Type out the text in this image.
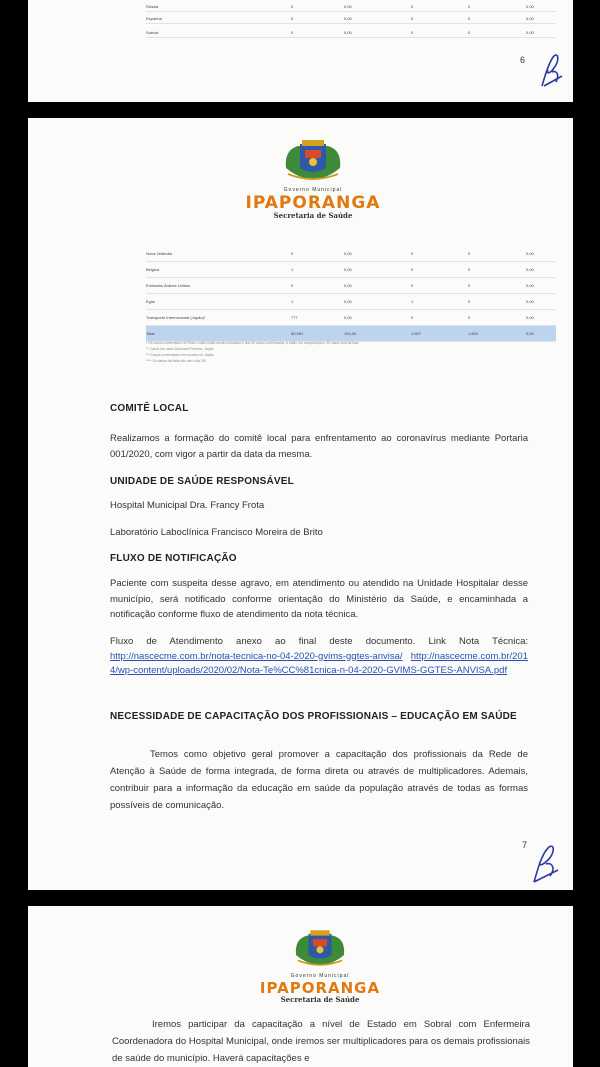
Rússia	0	0,00	0	0	0,00
Espanha	0	0,00	0	0	0,00
Suécia	0	0,00	0	0	0,00
6
Governo Municipal
IPAPORANGA
Secretaria de Saúde
Nova Zelândia	0	0,00	0	0	0,00
Bélgica	1	0,00	0	0	0,00
Emirados Árabes Unidos	0	0,00	0	0	0,00
Egito	1	0,00	1	0	0,00
Transporte Internacional (Japão)*	777	0,00	0	0	0,00
Total	89.981	100,00	1.507	1.604	0,00
* Os casos confirmados no Reino Unido estão sendo revisados e dos 36 casos confirmados, 6 estão em recuperação e 30 casos fora da lista.
** Casos em navio Diamond Princess, Japão
*** Casos confirmados em cruzeiro no Japão.
**** Os dados da Itália são até o dia 3/3.
COMITÊ LOCAL
Realizamos a formação do comitê local para enfrentamento ao coronavírus mediante Portaria 001/2020, com vigor a partir da data da mesma.
UNIDADE DE SAÚDE RESPONSÁVEL
Hospital Municipal Dra. Francy Frota
Laboratório Laboclínica Francisco Moreira de Brito
FLUXO DE NOTIFICAÇÃO
Paciente com suspeita desse agravo, em atendimento ou atendido na Unidade Hospitalar desse município, será notificado conforme orientação do Ministério da Saúde, e encaminhada a notificação conforme fluxo de atendimento da nota técnica.
Fluxo de Atendimento anexo ao final deste documento. Link Nota Técnica: http://nascecme.com.br/nota-tecnica-no-04-2020-gvims-ggtes-anvisa/ http://nascecme.com.br/2014/wp-content/uploads/2020/02/Nota-Te%CC%81cnica-n-04-2020-GVIMS-GGTES-ANVISA.pdf
NECESSIDADE DE CAPACITAÇÃO DOS PROFISSIONAIS – EDUCAÇÃO EM SAÚDE
Temos como objetivo geral promover a capacitação dos profissionais da Rede de Atenção à Saúde de forma integrada, de forma direta ou através de multiplicadores. Ademais, contribuir para a informação da educação em saúde da população através de todas as formas possíveis de comunicação.
7
Governo Municipal
IPAPORANGA
Secretaria de Saúde
Iremos participar da capacitação a nível de Estado em Sobral com Enfermeira Coordenadora do Hospital Municipal, onde iremos ser multiplicadores para os demais profissionais de saúde do município. Haverá capacitações e
